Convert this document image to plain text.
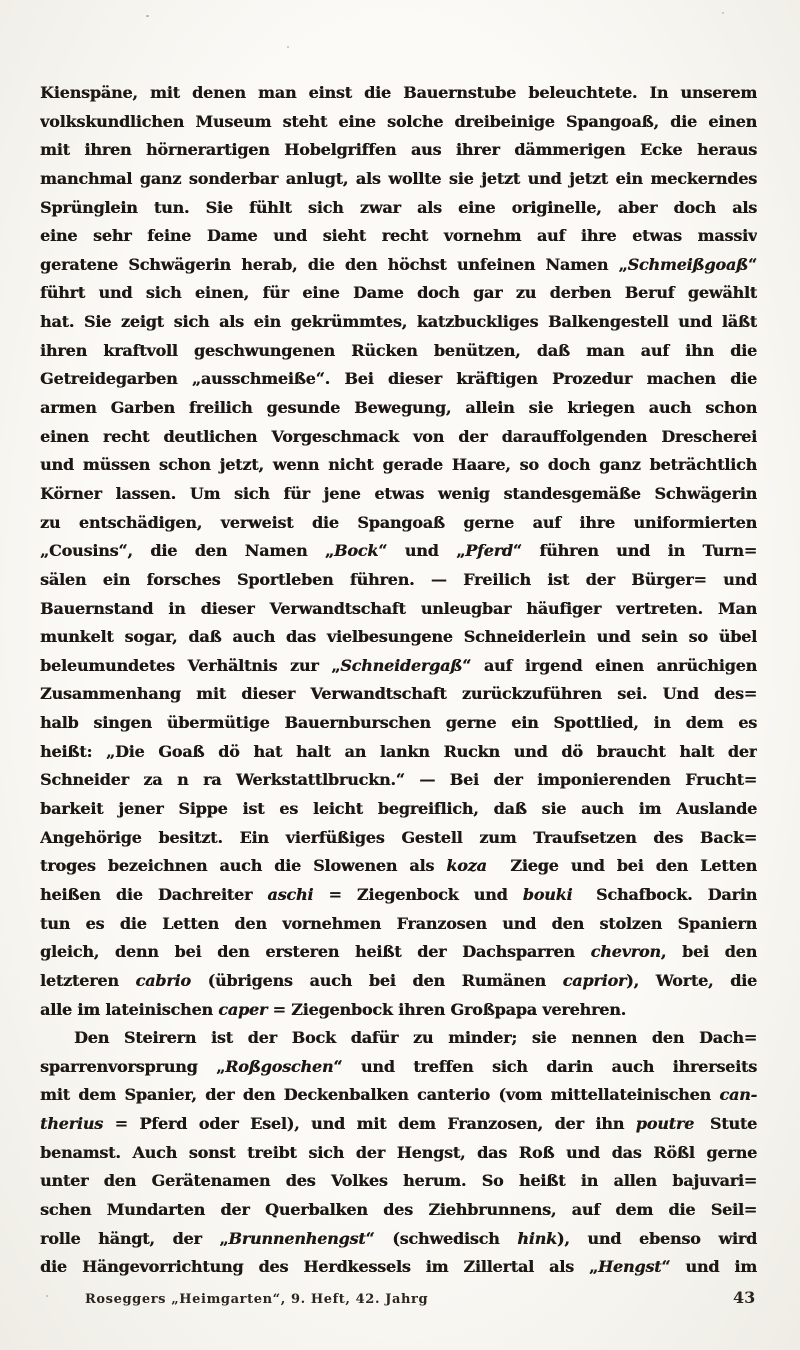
Kienspäne, mit denen man einst die Bauernstube beleuchtete. In unserem
volkskundlichen Museum steht eine solche dreibeinige Spangoaß, die einen
mit ihren hörnerartigen Hobelgriffen aus ihrer dämmerigen Ecke heraus
manchmal ganz sonderbar anlugt, als wollte sie jetzt und jetzt ein meckerndes
Sprünglein tun. Sie fühlt sich zwar als eine originelle, aber doch als
eine sehr feine Dame und sieht recht vornehm auf ihre etwas massiv
geratene Schwägerin herab, die den höchst unfeinen Namen „Schmeißgoaß“
führt und sich einen, für eine Dame doch gar zu derben Beruf gewählt
hat. Sie zeigt sich als ein gekrümmtes, katzbuckliges Balkengestell und läßt
ihren kraftvoll geschwungenen Rücken benützen, daß man auf ihn die
Getreidegarben „ausschmeiße“. Bei dieser kräftigen Prozedur machen die
armen Garben freilich gesunde Bewegung, allein sie kriegen auch schon
einen recht deutlichen Vorgeschmack von der darauffolgenden Drescherei
und müssen schon jetzt, wenn nicht gerade Haare, so doch ganz beträchtlich
Körner lassen. Um sich für jene etwas wenig standesgemäße Schwägerin
zu entschädigen, verweist die Spangoaß gerne auf ihre uniformierten
„Cousins“, die den Namen „Bock“ und „Pferd“ führen und in Turn=
sälen ein forsches Sportleben führen. — Freilich ist der Bürger= und
Bauernstand in dieser Verwandtschaft unleugbar häufiger vertreten. Man
munkelt sogar, daß auch das vielbesungene Schneiderlein und sein so übel
beleumundetes Verhältnis zur „Schneidergaß“ auf irgend einen anrüchigen
Zusammenhang mit dieser Verwandtschaft zurückzuführen sei. Und des=
halb singen übermütige Bauernburschen gerne ein Spottlied, in dem es
heißt: „Die Goaß dö hat halt an lankn Ruckn und dö braucht halt der
Schneider za n ra Werkstattlbruckn.“ — Bei der imponierenden Frucht=
barkeit jener Sippe ist es leicht begreiflich, daß sie auch im Auslande
Angehörige besitzt. Ein vierfüßiges Gestell zum Traufsetzen des Back=
troges bezeichnen auch die Slowenen als koza  Ziege und bei den Letten
heißen die Dachreiter aschi = Ziegenbock und bouki  Schafbock. Darin
tun es die Letten den vornehmen Franzosen und den stolzen Spaniern
gleich, denn bei den ersteren heißt der Dachsparren chevron, bei den
letzteren cabrio (übrigens auch bei den Rumänen caprior), Worte, die
alle im lateinischen caper = Ziegenbock ihren Großpapa verehren.
Den Steirern ist der Bock dafür zu minder; sie nennen den Dach=
sparrenvorsprung „Roßgoschen“ und treffen sich darin auch ihrerseits
mit dem Spanier, der den Deckenbalken canterio (vom mittellateinischen can-
therius = Pferd oder Esel), und mit dem Franzosen, der ihn poutre Stute
benamst. Auch sonst treibt sich der Hengst, das Roß und das Rößl gerne
unter den Gerätenamen des Volkes herum. So heißt in allen bajuvari=
schen Mundarten der Querbalken des Ziehbrunnens, auf dem die Seil=
rolle hängt, der „Brunnenhengst“ (schwedisch hink), und ebenso wird
die Hängevorrichtung des Herdkessels im Zillertal als „Hengst“ und im
Roseggers „Heimgarten“, 9. Heft, 42. Jahrg	43
